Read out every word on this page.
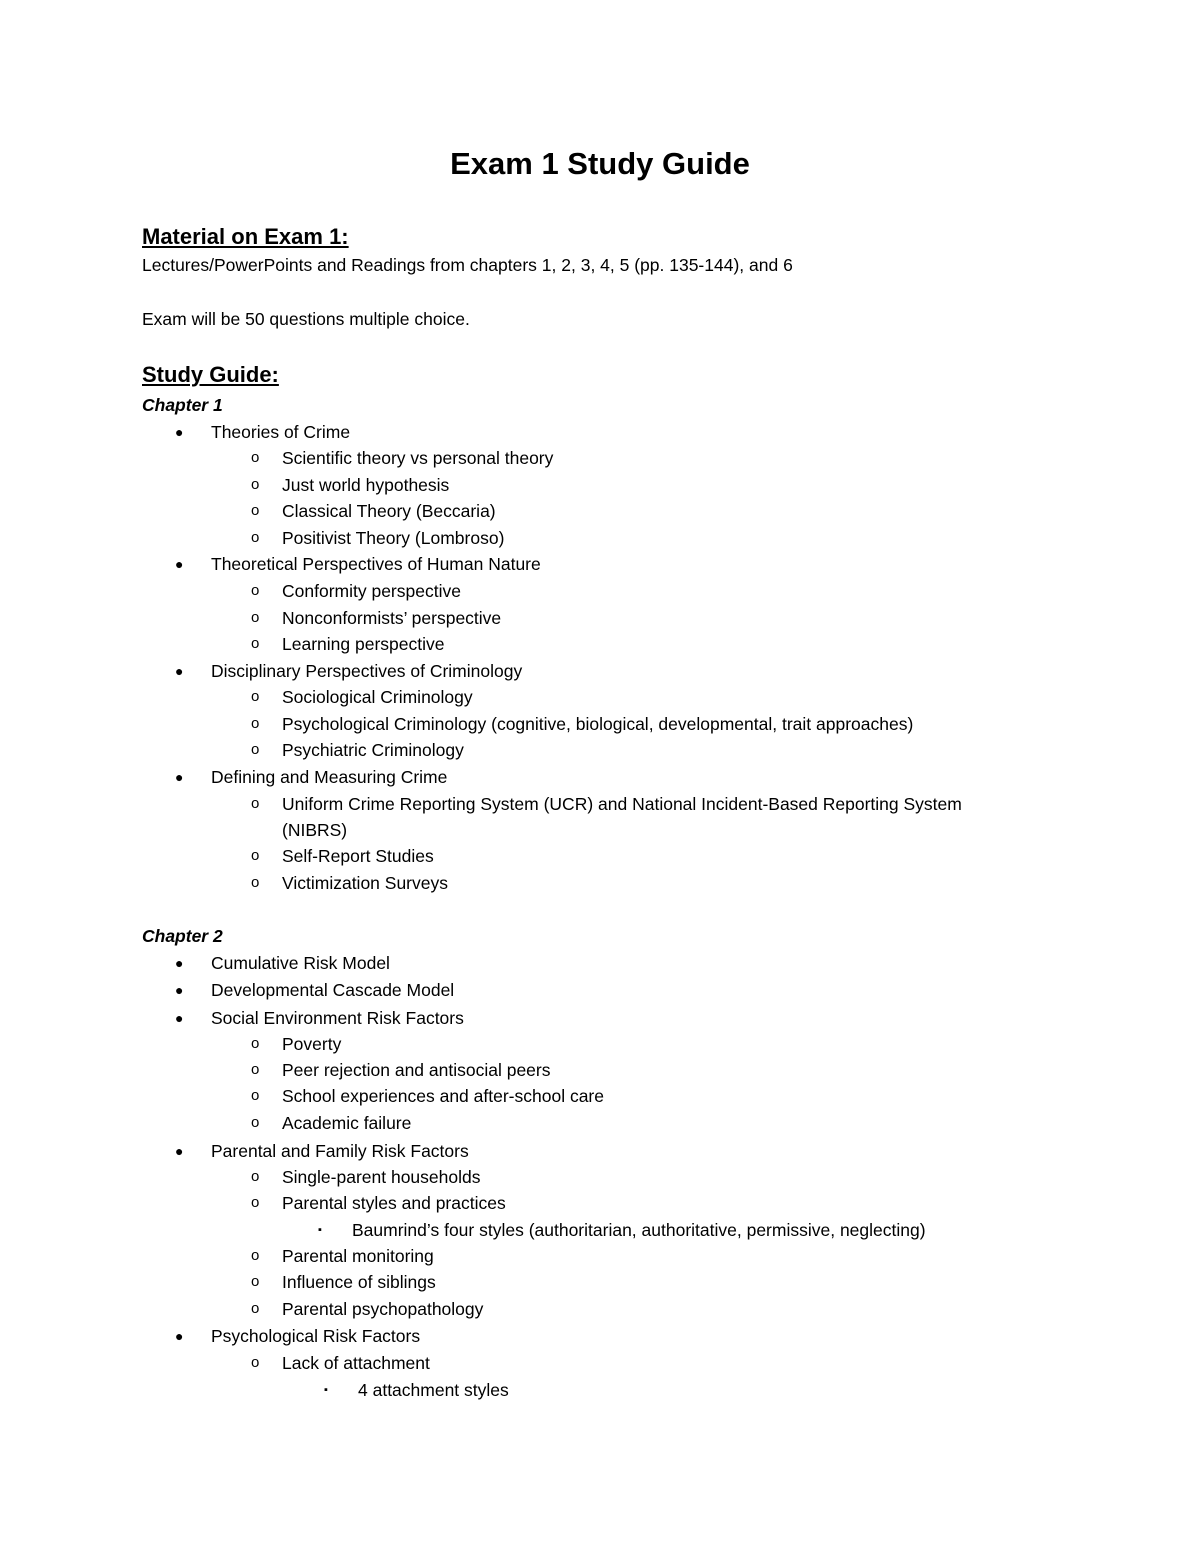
Exam 1 Study Guide
Material on Exam 1:
Lectures/PowerPoints and Readings from chapters 1, 2, 3, 4, 5 (pp. 135-144), and 6
Exam will be 50 questions multiple choice.
Study Guide:
Chapter 1
● Theories of Crime
o Scientific theory vs personal theory
o Just world hypothesis
o Classical Theory (Beccaria)
o Positivist Theory (Lombroso)
● Theoretical Perspectives of Human Nature
o Conformity perspective
o Nonconformists’ perspective
o Learning perspective
● Disciplinary Perspectives of Criminology
o Sociological Criminology
o Psychological Criminology (cognitive, biological, developmental, trait approaches)
o Psychiatric Criminology
● Defining and Measuring Crime
o Uniform Crime Reporting System (UCR) and National Incident-Based Reporting System
(NIBRS)
o Self-Report Studies
o Victimization Surveys
Chapter 2
● Cumulative Risk Model
● Developmental Cascade Model
● Social Environment Risk Factors
o Poverty
o Peer rejection and antisocial peers
o School experiences and after-school care
o Academic failure
● Parental and Family Risk Factors
o Single-parent households
o Parental styles and practices
▪ Baumrind’s four styles (authoritarian, authoritative, permissive, neglecting)
o Parental monitoring
o Influence of siblings
o Parental psychopathology
● Psychological Risk Factors
o Lack of attachment
▪ 4 attachment styles
